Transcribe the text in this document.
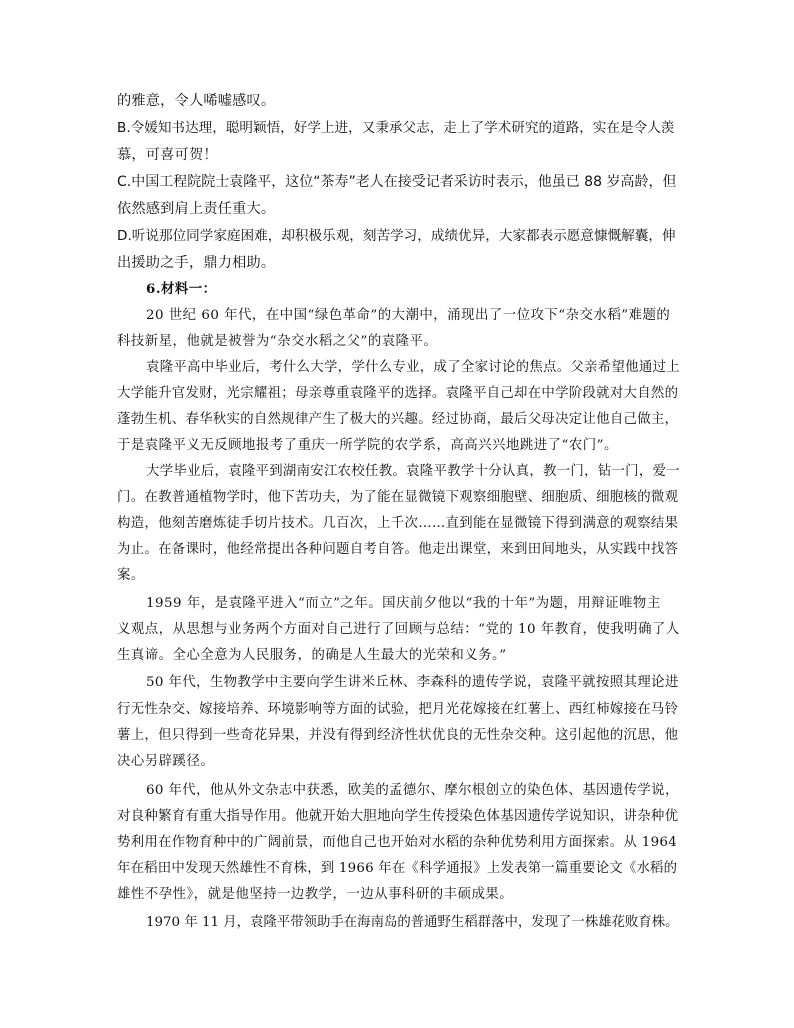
的雅意，令人唏嘘感叹。
B.令媛知书达理，聪明颖悟，好学上进，又秉承父志，走上了学术研究的道路，实在是令人羡
慕，可喜可贺！
C.中国工程院院士袁隆平，这位“茶寿”老人在接受记者采访时表示，他虽已 88 岁高龄，但
依然感到肩上责任重大。
D.听说那位同学家庭困难，却积极乐观，刻苦学习，成绩优异，大家都表示愿意慷慨解囊，伸
出援助之手，鼎力相助。
6.材料一：
20 世纪 60 年代，在中国“绿色革命”的大潮中，涌现出了一位攻下“杂交水稻”难题的
科技新星，他就是被誉为“杂交水稻之父”的袁隆平。
袁隆平高中毕业后，考什么大学，学什么专业，成了全家讨论的焦点。父亲希望他通过上
大学能升官发财，光宗耀祖；母亲尊重袁隆平的选择。袁隆平自己却在中学阶段就对大自然的
蓬勃生机、春华秋实的自然规律产生了极大的兴趣。经过协商，最后父母决定让他自己做主，
于是袁隆平义无反顾地报考了重庆一所学院的农学系，高高兴兴地跳进了“农门”。
大学毕业后，袁隆平到湖南安江农校任教。袁隆平教学十分认真，教一门，钻一门，爱一
门。在教普通植物学时，他下苦功夫，为了能在显微镜下观察细胞壁、细胞质、细胞核的微观
构造，他刻苦磨炼徒手切片技术。几百次，上千次……直到能在显微镜下得到满意的观察结果
为止。在备课时，他经常提出各种问题自考自答。他走出课堂，来到田间地头，从实践中找答
案。
1959 年，是袁隆平进入“而立”之年。国庆前夕他以“我的十年”为题，用辩证唯物主
义观点，从思想与业务两个方面对自己进行了回顾与总结：“党的 10 年教育，使我明确了人
生真谛。全心全意为人民服务，的确是人生最大的光荣和义务。”
50 年代，生物教学中主要向学生讲米丘林、李森科的遗传学说，袁隆平就按照其理论进
行无性杂交、嫁接培养、环境影响等方面的试验，把月光花嫁接在红薯上、西红柿嫁接在马铃
薯上，但只得到一些奇花异果，并没有得到经济性状优良的无性杂交种。这引起他的沉思，他
决心另辟蹊径。
60 年代，他从外文杂志中获悉，欧美的孟德尔、摩尔根创立的染色体、基因遗传学说，
对良种繁育有重大指导作用。他就开始大胆地向学生传授染色体基因遗传学说知识，讲杂种优
势利用在作物育种中的广阔前景，而他自己也开始对水稻的杂种优势利用方面探索。从 1964
年在稻田中发现天然雄性不育株，到 1966 年在《科学通报》上发表第一篇重要论文《水稻的
雄性不孕性》，就是他坚持一边教学，一边从事科研的丰硕成果。
1970 年 11 月，袁隆平带领助手在海南岛的普通野生稻群落中，发现了一株雄花败育株。
